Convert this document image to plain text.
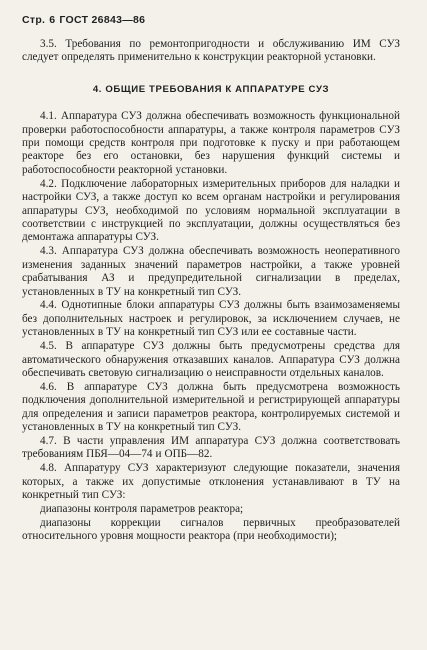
Стр. 6 ГОСТ 26843—86

3.5. Требования по ремонтопригодности и обслуживанию ИМ СУЗ следует определять применительно к конструкции реакторной установки.

4. ОБЩИЕ ТРЕБОВАНИЯ К АППАРАТУРЕ СУЗ

4.1. Аппаратура СУЗ должна обеспечивать возможность функциональной проверки работоспособности аппаратуры, а также контроля параметров СУЗ при помощи средств контроля при подготовке к пуску и при работающем реакторе без его остановки, без нарушения функций системы и работоспособности реакторной установки.

4.2. Подключение лабораторных измерительных приборов для наладки и настройки СУЗ, а также доступ ко всем органам настройки и регулирования аппаратуры СУЗ, необходимой по условиям нормальной эксплуатации в соответствии с инструкцией по эксплуатации, должны осуществляться без демонтажа аппаратуры СУЗ.

4.3. Аппаратура СУЗ должна обеспечивать возможность неоперативного изменения заданных значений параметров настройки, а также уровней срабатывания АЗ и предупредительной сигнализации в пределах, установленных в ТУ на конкретный тип СУЗ.

4.4. Однотипные блоки аппаратуры СУЗ должны быть взаимозаменяемы без дополнительных настроек и регулировок, за исключением случаев, не установленных в ТУ на конкретный тип СУЗ или ее составные части.

4.5. В аппаратуре СУЗ должны быть предусмотрены средства для автоматического обнаружения отказавших каналов. Аппаратура СУЗ должна обеспечивать световую сигнализацию о неисправности отдельных каналов.

4.6. В аппаратуре СУЗ должна быть предусмотрена возможность подключения дополнительной измерительной и регистрирующей аппаратуры для определения и записи параметров реактора, контролируемых системой и установленных в ТУ на конкретный тип СУЗ.

4.7. В части управления ИМ аппаратура СУЗ должна соответствовать требованиям ПБЯ—04—74 и ОПБ—82.

4.8. Аппаратуру СУЗ характеризуют следующие показатели, значения которых, а также их допустимые отклонения устанавливают в ТУ на конкретный тип СУЗ:

диапазоны контроля параметров реактора;

диапазоны коррекции сигналов первичных преобразователей относительного уровня мощности реактора (при необходимости);
